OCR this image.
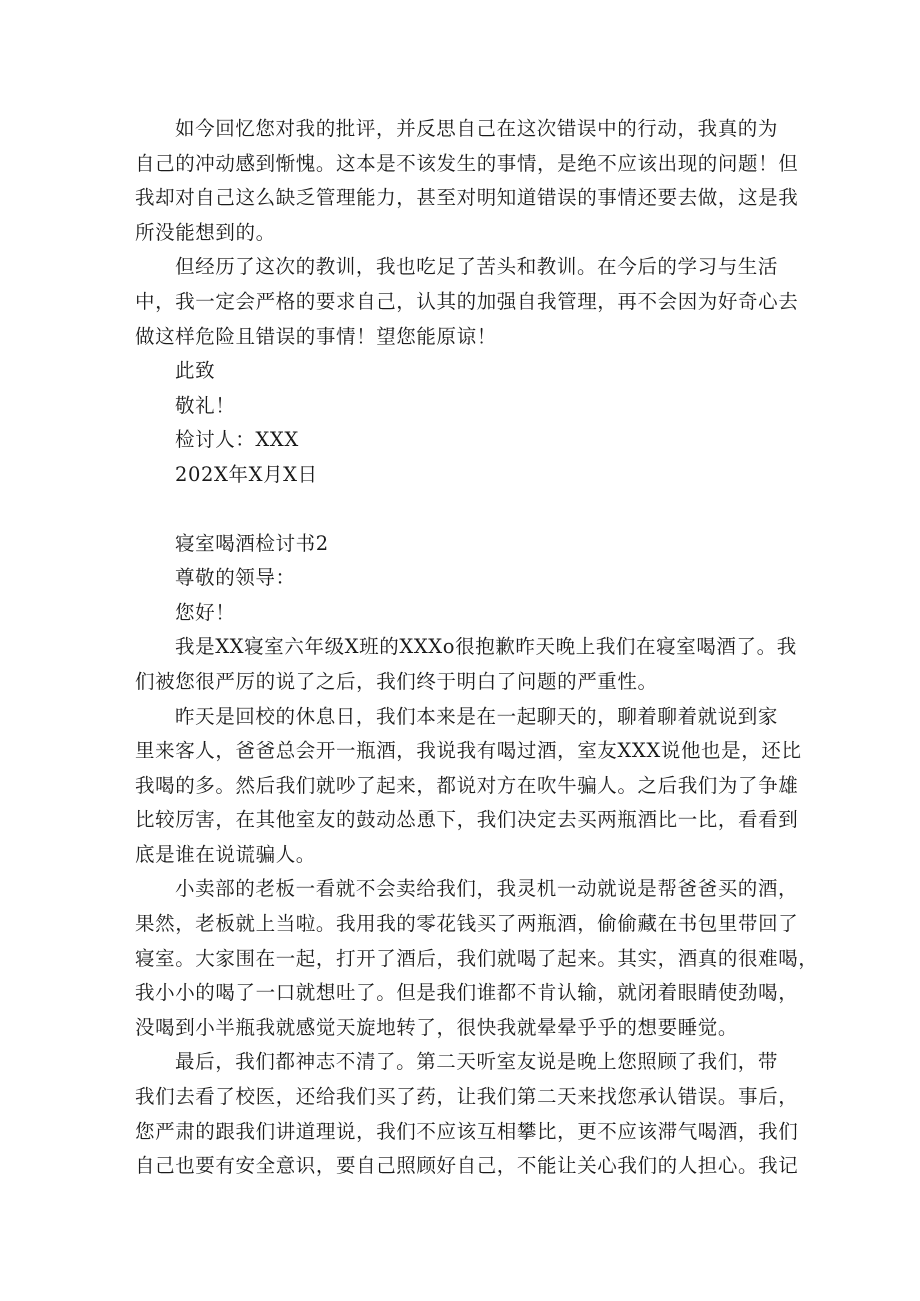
如今回忆您对我的批评，并反思自己在这次错误中的行动，我真的为
自己的冲动感到惭愧。这本是不该发生的事情，是绝不应该出现的问题！但
我却对自己这么缺乏管理能力，甚至对明知道错误的事情还要去做，这是我
所没能想到的。
但经历了这次的教训，我也吃足了苦头和教训。在今后的学习与生活
中，我一定会严格的要求自己，认其的加强自我管理，再不会因为好奇心去
做这样危险且错误的事情！望您能原谅！
此致
敬礼！
检讨人：XXX
202X年X月X日
寝室喝酒检讨书2
尊敬的领导：
您好！
我是XX寝室六年级X班的XXXo很抱歉昨天晚上我们在寝室喝酒了。我
们被您很严厉的说了之后，我们终于明白了问题的严重性。
昨天是回校的休息日，我们本来是在一起聊天的，聊着聊着就说到家
里来客人，爸爸总会开一瓶酒，我说我有喝过酒，室友XXX说他也是，还比
我喝的多。然后我们就吵了起来，都说对方在吹牛骗人。之后我们为了争雄
比较厉害，在其他室友的鼓动怂恿下，我们决定去买两瓶酒比一比，看看到
底是谁在说谎骗人。
小卖部的老板一看就不会卖给我们，我灵机一动就说是帮爸爸买的酒，
果然，老板就上当啦。我用我的零花钱买了两瓶酒，偷偷藏在书包里带回了
寝室。大家围在一起，打开了酒后，我们就喝了起来。其实，酒真的很难喝，
我小小的喝了一口就想吐了。但是我们谁都不肯认输，就闭着眼睛使劲喝，
没喝到小半瓶我就感觉天旋地转了，很快我就晕晕乎乎的想要睡觉。
最后，我们都神志不清了。第二天听室友说是晚上您照顾了我们，带
我们去看了校医，还给我们买了药，让我们第二天来找您承认错误。事后，
您严肃的跟我们讲道理说，我们不应该互相攀比，更不应该滞气喝酒，我们
自己也要有安全意识，要自己照顾好自己，不能让关心我们的人担心。我记
